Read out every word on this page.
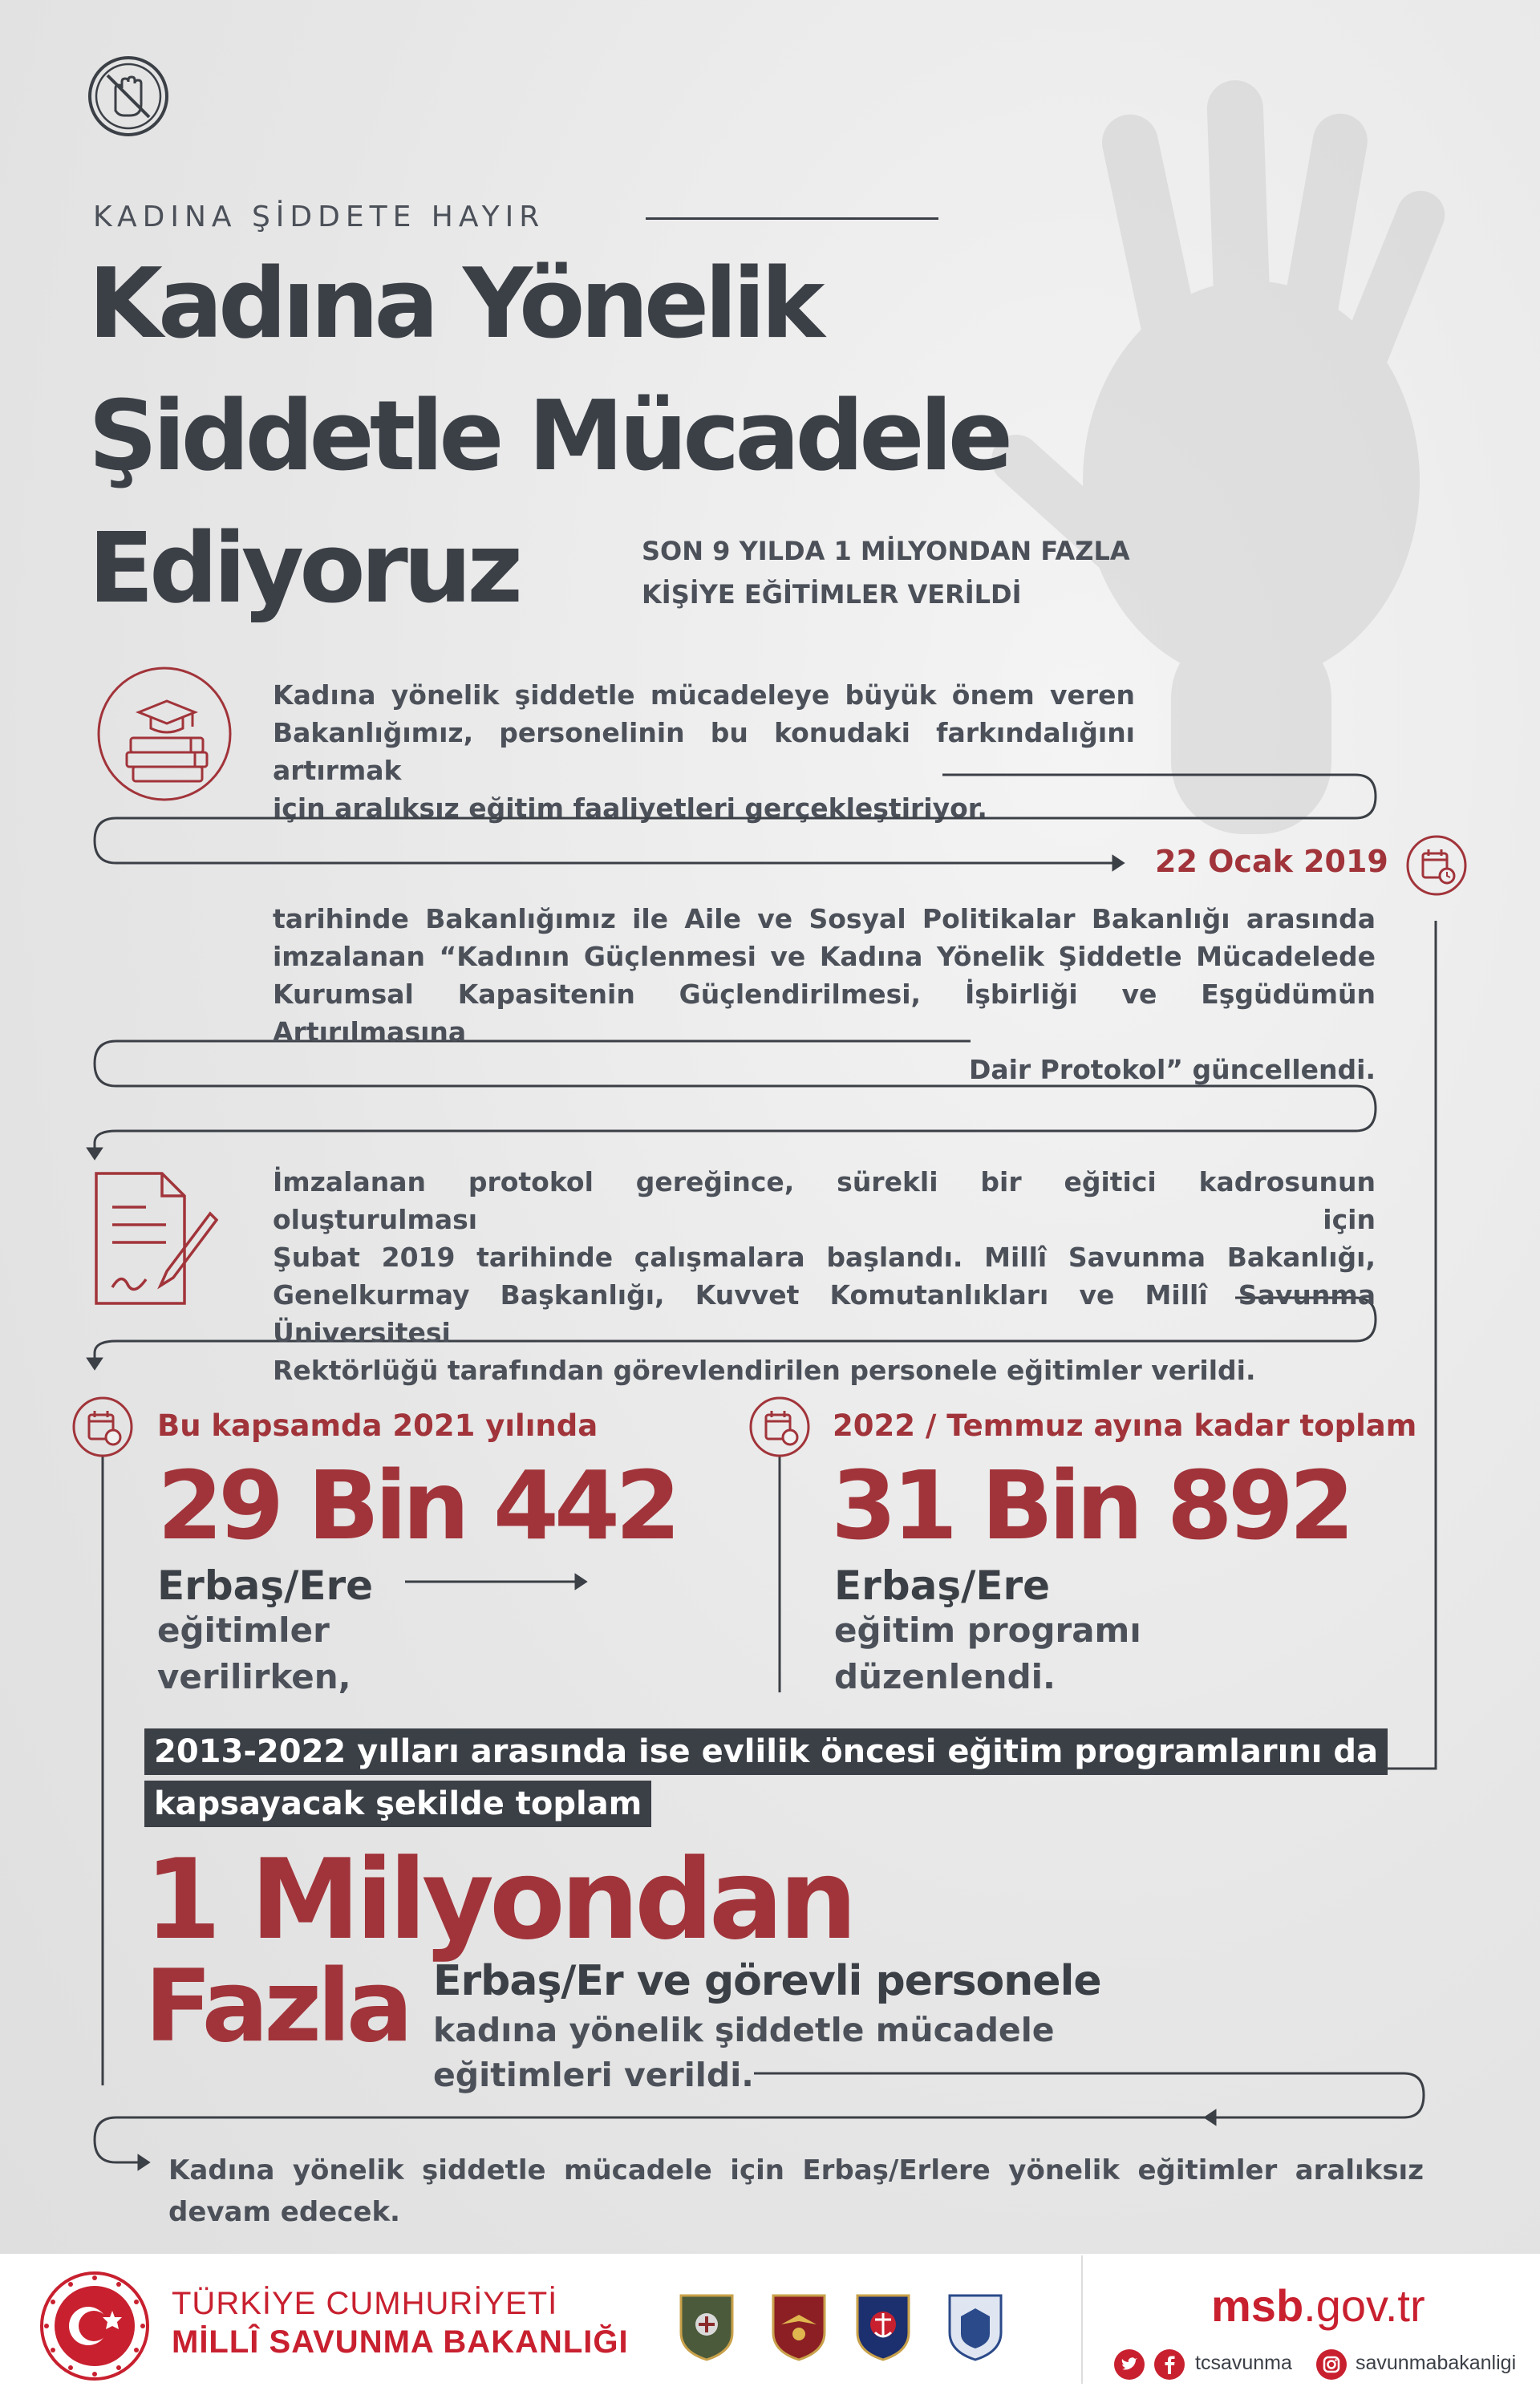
KADINA ŞİDDETE HAYIR
Kadına Yönelik
Şiddetle Mücadele
Ediyoruz	SON 9 YILDA 1 MİLYONDAN FAZLA
KİŞİYE EĞİTİMLER VERİLDİ
Kadına yönelik şiddetle mücadeleye büyük önem veren
Bakanlığımız, personelinin bu konudaki farkındalığını artırmak
için aralıksız eğitim faaliyetleri gerçekleştiriyor.
22 Ocak 2019
tarihinde Bakanlığımız ile Aile ve Sosyal Politikalar Bakanlığı arasında
imzalanan “Kadının Güçlenmesi ve Kadına Yönelik Şiddetle Mücadelede
Kurumsal Kapasitenin Güçlendirilmesi, İşbirliği ve Eşgüdümün Artırılmasına
Dair Protokol” güncellendi.
İmzalanan protokol gereğince, sürekli bir eğitici kadrosunun oluşturulması için
Şubat 2019 tarihinde çalışmalara başlandı. Millî Savunma Bakanlığı,
Genelkurmay Başkanlığı, Kuvvet Komutanlıkları ve Millî Savunma Üniversitesi
Rektörlüğü tarafından görevlendirilen personele eğitimler verildi.
Bu kapsamda 2021 yılında
29 Bin 442
Erbaş/Ere
eğitimler
verilirken,
2022 / Temmuz ayına kadar toplam
31 Bin 892
Erbaş/Ere
eğitim programı
düzenlendi.
2013-2022 yılları arasında ise evlilik öncesi eğitim programlarını da
kapsayacak şekilde toplam
1 Milyondan
Fazla Erbaş/Er ve görevli personele
kadına yönelik şiddetle mücadele
eğitimleri verildi.
Kadına yönelik şiddetle mücadele için Erbaş/Erlere yönelik eğitimler aralıksız
devam edecek.
TÜRKİYE CUMHURİYETİ
MİLLÎ SAVUNMA BAKANLIĞI
msb.gov.tr
tcsavunma	savunmabakanligi
